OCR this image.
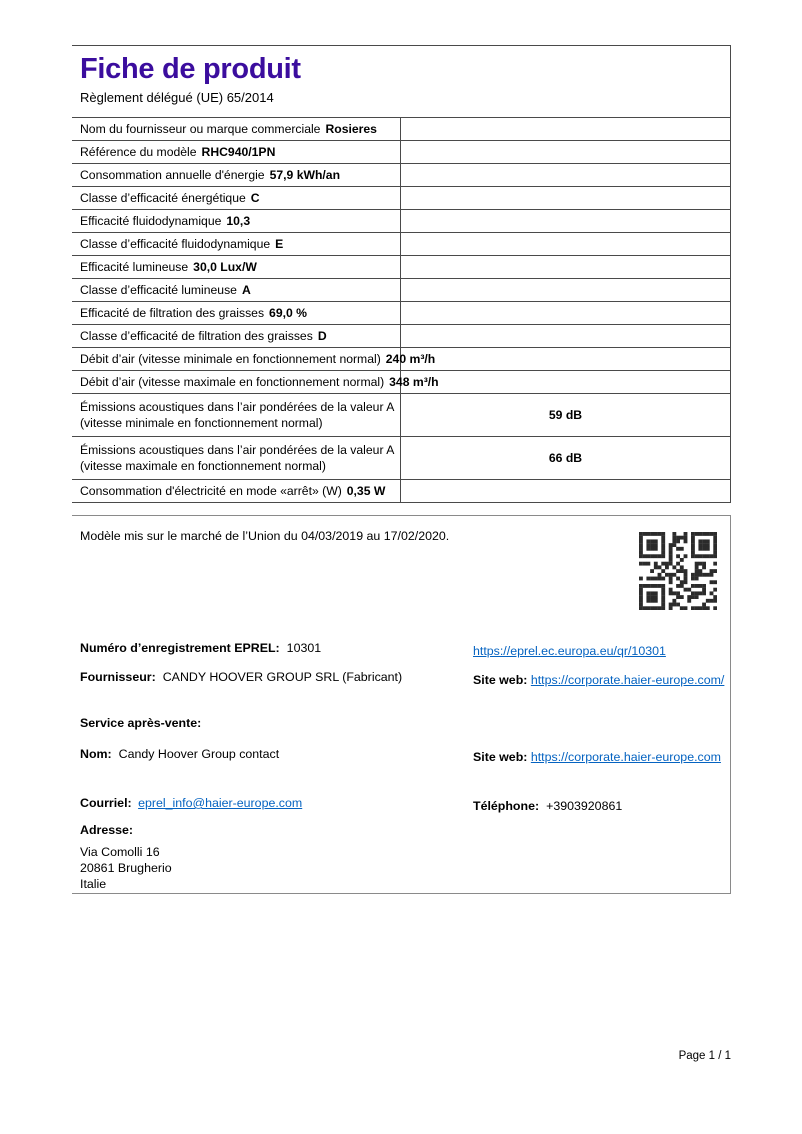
Fiche de produit
Règlement délégué (UE) 65/2014
Nom du fournisseur ou marque commerciale Rosieres
Référence du modèle RHC940/1PN
Consommation annuelle d'énergie 57,9 kWh/an
Classe d’efficacité énergétique C
Efficacité fluidodynamique 10,3
Classe d’efficacité fluidodynamique E
Efficacité lumineuse 30,0 Lux/W
Classe d’efficacité lumineuse A
Efficacité de filtration des graisses 69,0 %
Classe d’efficacité de filtration des graisses D
Débit d’air (vitesse minimale en fonctionnement normal) 240 m³/h
Débit d’air (vitesse maximale en fonctionnement normal) 348 m³/h
Émissions acoustiques dans l’air pondérées de la valeur A
(vitesse minimale en fonctionnement normal)
59 dB
Émissions acoustiques dans l’air pondérées de la valeur A
(vitesse maximale en fonctionnement normal)
66 dB
Consommation d'électricité en mode «arrêt» (W) 0,35 W
Modèle mis sur le marché de l’Union du 04/03/2019 au 17/02/2020.
Numéro d’enregistrement EPREL: 10301	https://eprel.ec.europa.eu/qr/10301
Fournisseur: CANDY HOOVER GROUP SRL (Fabricant)	Site web: https://corporate.haier-europe.com/
Service après-vente:
Nom: Candy Hoover Group contact	Site web: https://corporate.haier-europe.com
Courriel: eprel_info@haier-europe.com	Téléphone: +3903920861
Adresse:
Via Comolli 16
20861 Brugherio
Italie
Page 1 / 1
